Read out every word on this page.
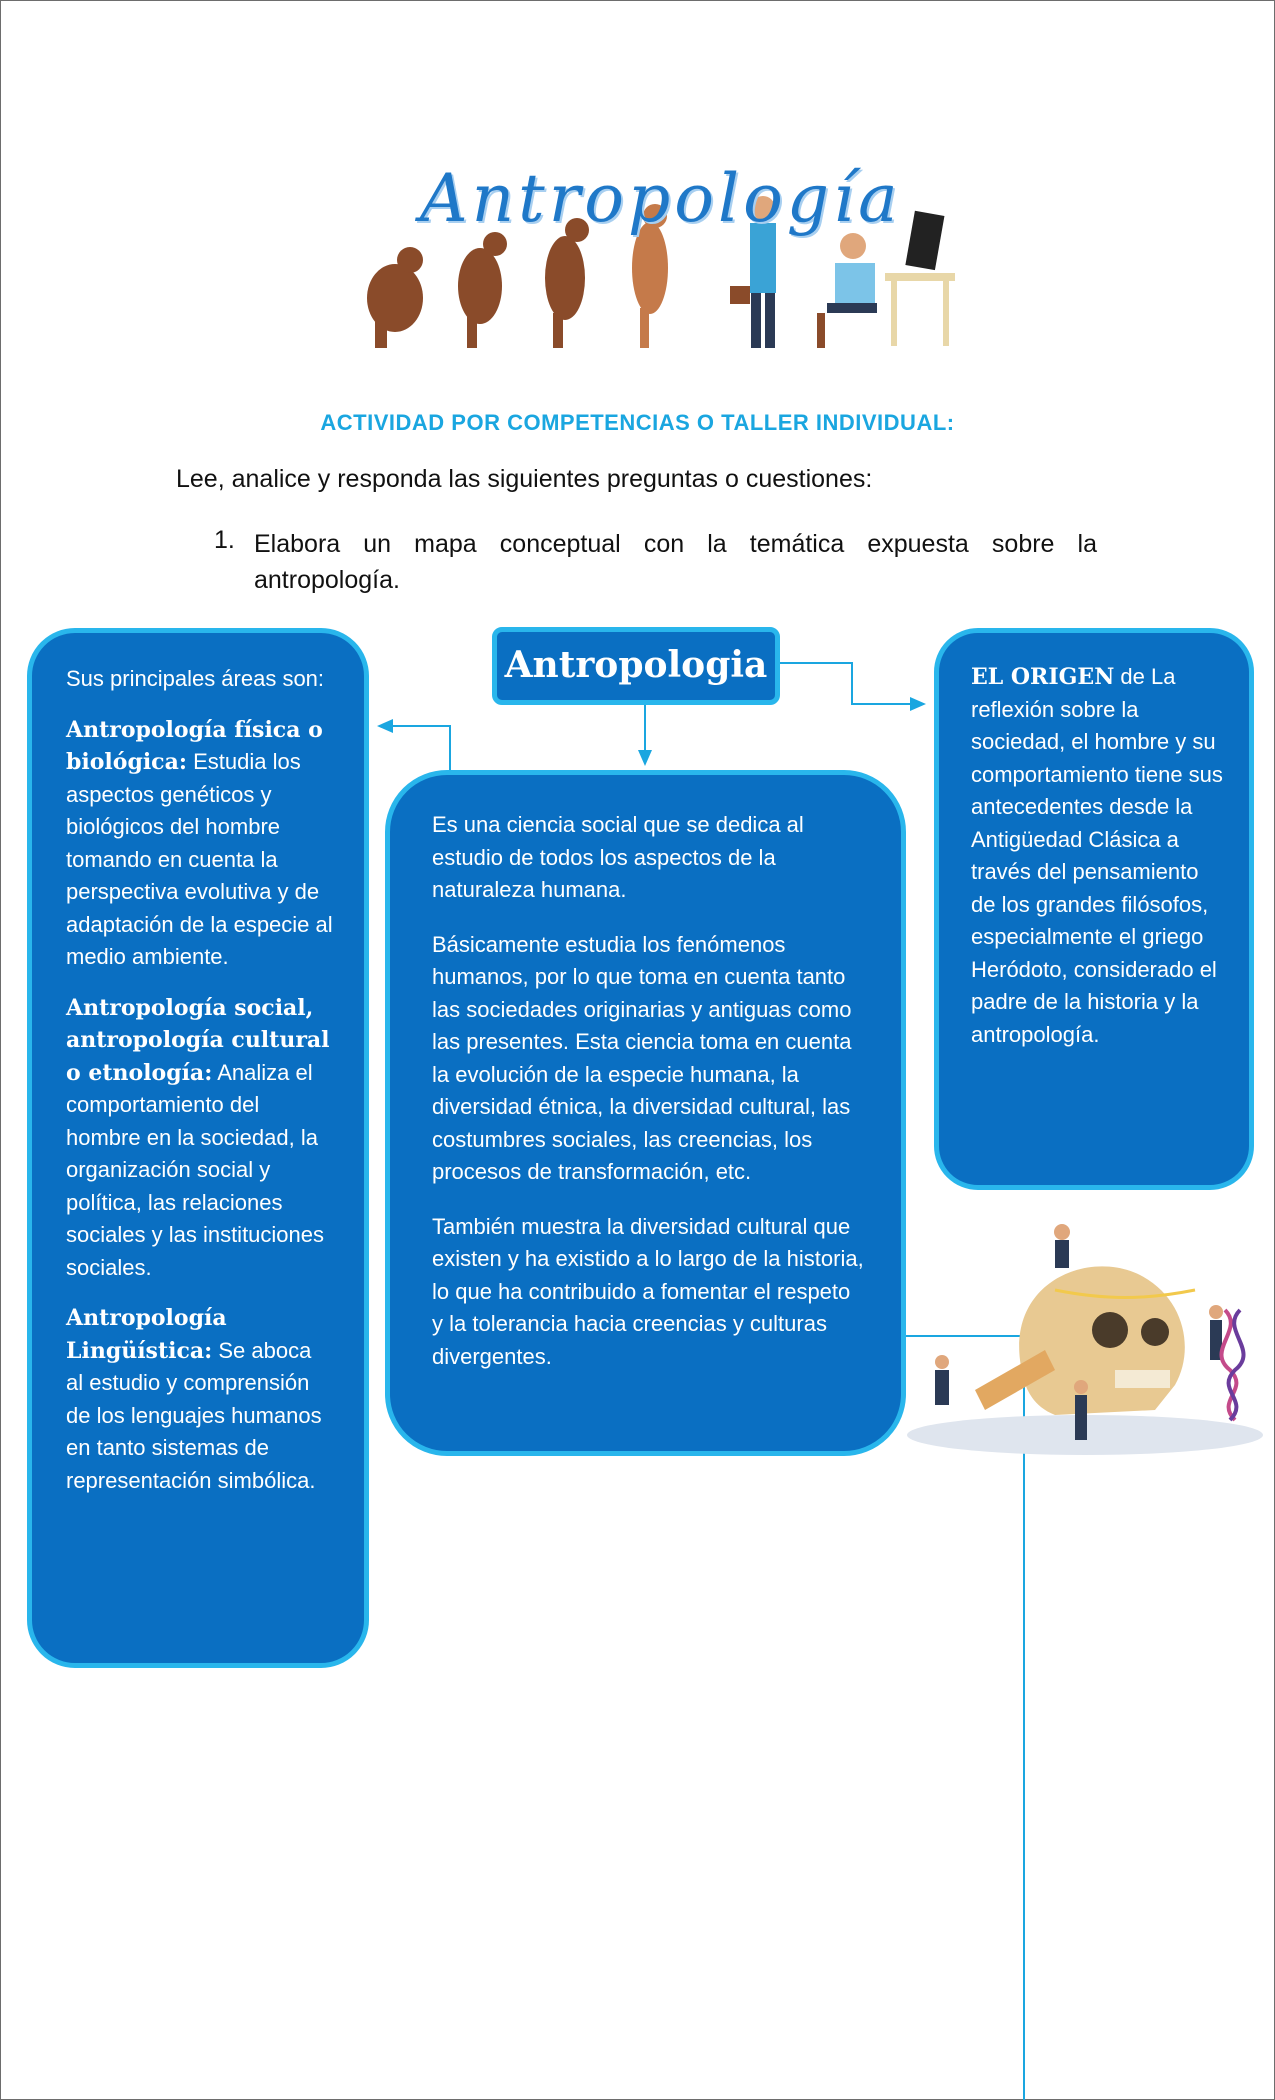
Antropología
ACTIVIDAD POR COMPETENCIAS O TALLER INDIVIDUAL:
Lee, analice y responda las siguientes preguntas o cuestiones:
1. Elabora un mapa conceptual con la temática expuesta sobre la antropología.
Antropologia

Sus principales áreas son:

Antropología física o biológica: Estudia los aspectos genéticos y biológicos del hombre tomando en cuenta la perspectiva evolutiva y de adaptación de la especie al medio ambiente.

Antropología social, antropología cultural o etnología: Analiza el comportamiento del hombre en la sociedad, la organización social y política, las relaciones sociales y las instituciones sociales.

Antropología Lingüística: Se aboca al estudio y comprensión de los lenguajes humanos en tanto sistemas de representación simbólica.

Es una ciencia social que se dedica al estudio de todos los aspectos de la naturaleza humana.

Básicamente estudia los fenómenos humanos, por lo que toma en cuenta tanto las sociedades originarias y antiguas como las presentes. Esta ciencia toma en cuenta la evolución de la especie humana, la diversidad étnica, la diversidad cultural, las costumbres sociales, las creencias, los procesos de transformación, etc.

También muestra la diversidad cultural que existen y ha existido a lo largo de la historia, lo que ha contribuido a fomentar el respeto y la tolerancia hacia creencias y culturas divergentes.

EL ORIGEN de La reflexión sobre la sociedad, el hombre y su comportamiento tiene sus antecedentes desde la Antigüedad Clásica a través del pensamiento de los grandes filósofos, especialmente el griego Heródoto, considerado el padre de la historia y la antropología.
